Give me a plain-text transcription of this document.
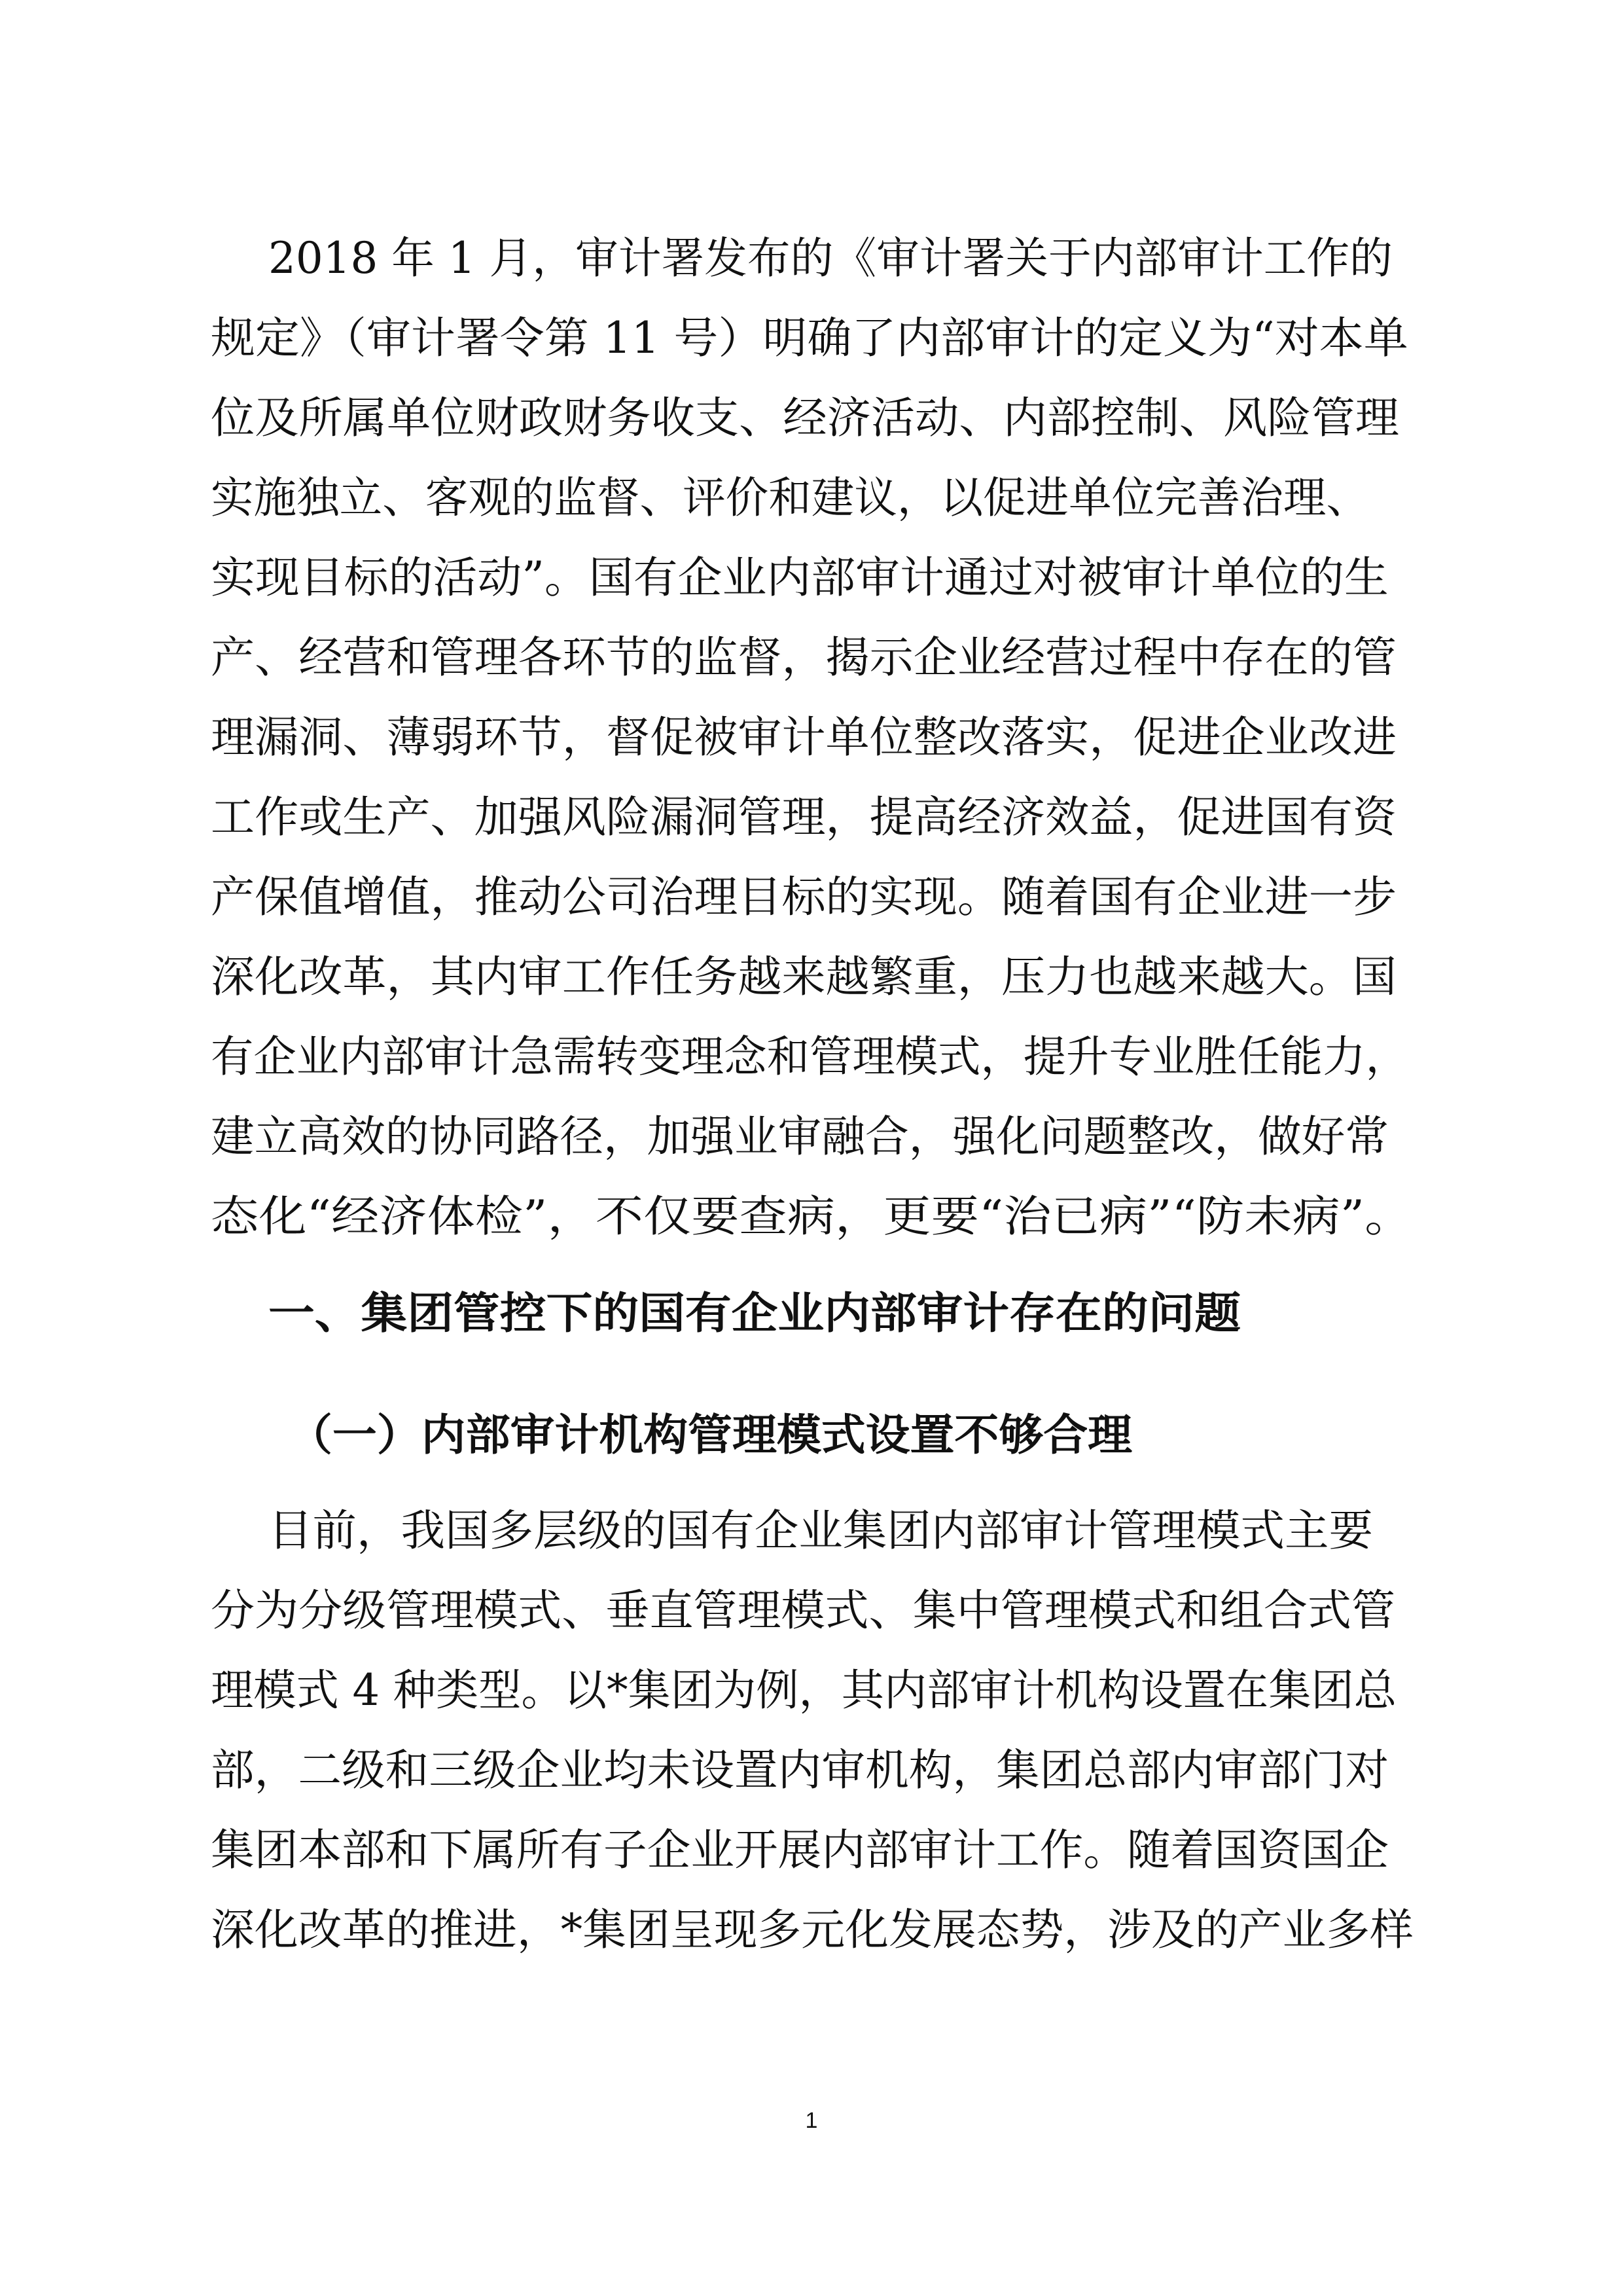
2018 年 1 月，审计署发布的《审计署关于内部审计工作的
规定》（审计署令第 11 号）明确了内部审计的定义为“对本单
位及所属单位财政财务收支、经济活动、内部控制、风险管理
实施独立、客观的监督、评价和建议，以促进单位完善治理、
实现目标的活动”。国有企业内部审计通过对被审计单位的生
产、经营和管理各环节的监督，揭示企业经营过程中存在的管
理漏洞、薄弱环节，督促被审计单位整改落实，促进企业改进
工作或生产、加强风险漏洞管理，提高经济效益，促进国有资
产保值增值，推动公司治理目标的实现。随着国有企业进一步
深化改革，其内审工作任务越来越繁重，压力也越来越大。国
有企业内部审计急需转变理念和管理模式，提升专业胜任能力，
建立高效的协同路径，加强业审融合，强化问题整改，做好常
态化“经济体检”，不仅要查病，更要“治已病”“防未病”。
一、集团管控下的国有企业内部审计存在的问题
（一）内部审计机构管理模式设置不够合理
目前，我国多层级的国有企业集团内部审计管理模式主要
分为分级管理模式、垂直管理模式、集中管理模式和组合式管
理模式 4 种类型。以*集团为例，其内部审计机构设置在集团总
部，二级和三级企业均未设置内审机构，集团总部内审部门对
集团本部和下属所有子企业开展内部审计工作。随着国资国企
深化改革的推进，*集团呈现多元化发展态势，涉及的产业多样
1
